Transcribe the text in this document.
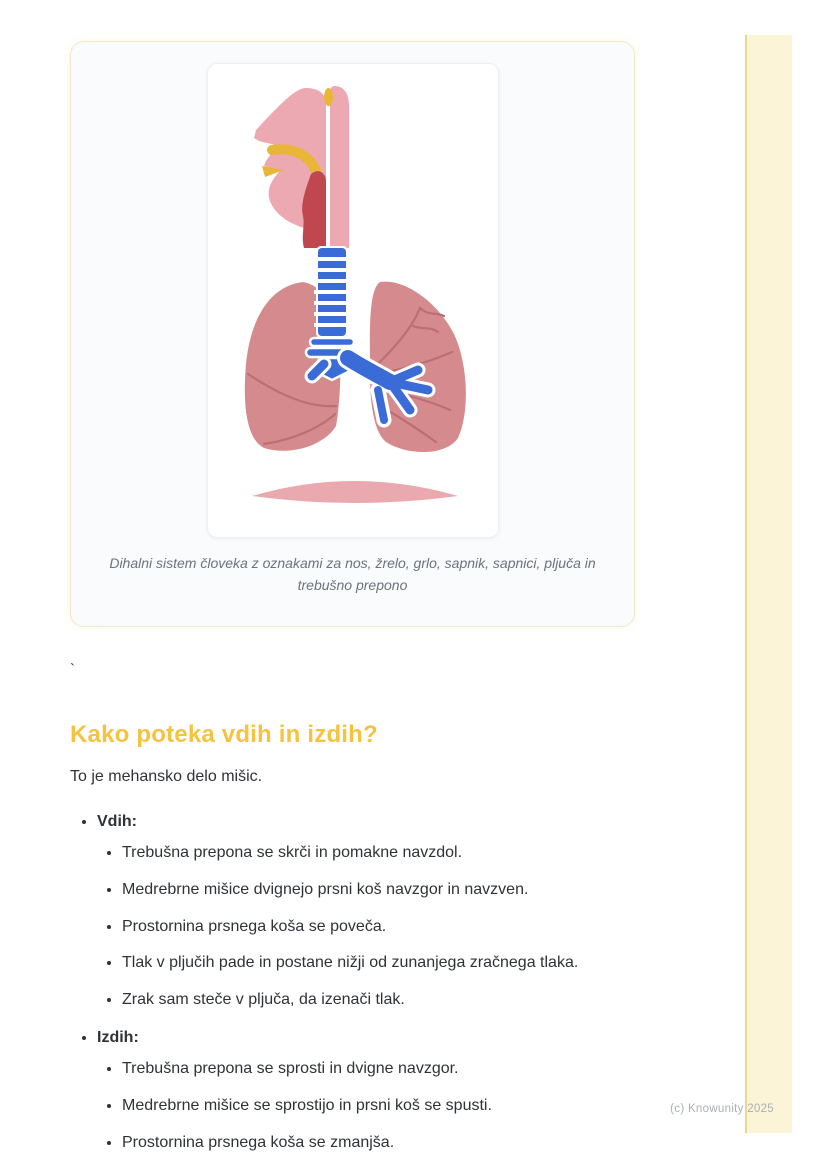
Dihalni sistem človeka z oznakami za nos, žrelo, grlo, sapnik, sapnici, pljuča in trebušno prepono
`
Kako poteka vdih in izdih?

To je mehansko delo mišic.

• Vdih:
• Trebušna prepona se skrči in pomakne navzdol.
• Medrebrne mišice dvignejo prsni koš navzgor in navzven.
• Prostornina prsnega koša se poveča.
• Tlak v pljučih pade in postane nižji od zunanjega zračnega tlaka.
• Zrak sam steče v pljuča, da izenači tlak.
• Izdih:
• Trebušna prepona se sprosti in dvigne navzgor.
• Medrebrne mišice se sprostijo in prsni koš se spusti.
• Prostornina prsnega koša se zmanjša.
(c) Knowunity 2025
